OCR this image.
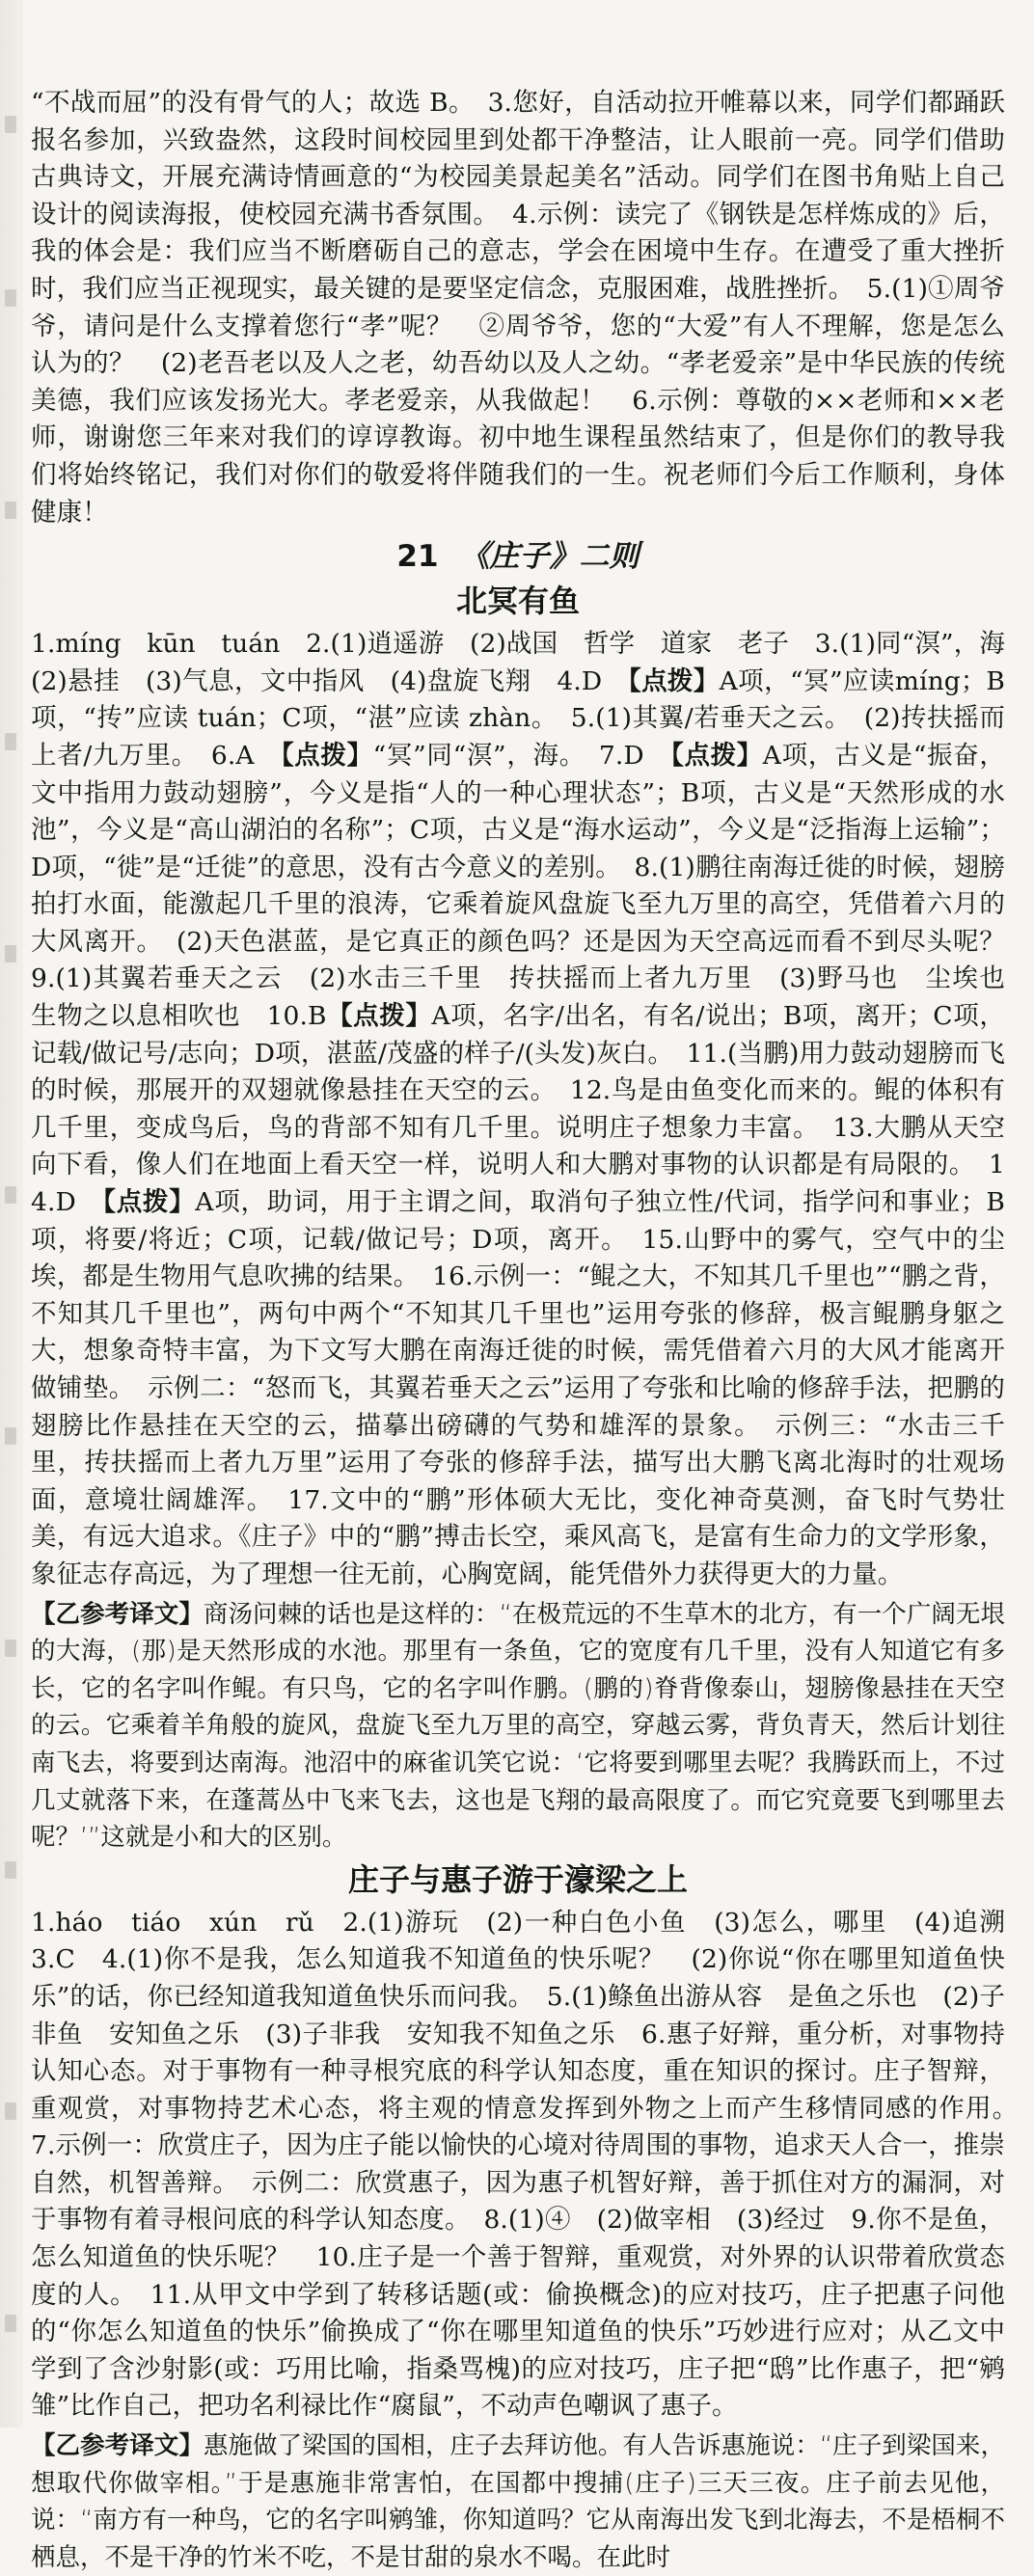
“不战而屈”的没有骨气的人；故选 B。　3.您好，自活动拉开帷幕以来，同学们都踊跃报名参加，兴致盎然，这段时间校园里到处都干净整洁，让人眼前一亮。同学们借助古典诗文，开展充满诗情画意的“为校园美景起美名”活动。同学们在图书角贴上自己设计的阅读海报，使校园充满书香氛围。　4.示例：读完了《钢铁是怎样炼成的》后，我的体会是：我们应当不断磨砺自己的意志，学会在困境中生存。在遭受了重大挫折时，我们应当正视现实，最关键的是要坚定信念，克服困难，战胜挫折。　5.(1)①周爷爷，请问是什么支撑着您行“孝”呢？　②周爷爷，您的“大爱”有人不理解，您是怎么认为的？　(2)老吾老以及人之老，幼吾幼以及人之幼。“孝老爱亲”是中华民族的传统美德，我们应该发扬光大。孝老爱亲，从我做起！　6.示例：尊敬的××老师和××老师，谢谢您三年来对我们的谆谆教诲。初中地生课程虽然结束了，但是你们的教导我们将始终铭记，我们对你们的敬爱将伴随我们的一生。祝老师们今后工作顺利，身体健康！

21 《庄子》二则
北冥有鱼

1.míng　kūn　tuán　2.(1)逍遥游　(2)战国　哲学　道家　老子　3.(1)同“溟”，海　(2)悬挂　(3)气息，文中指风　(4)盘旋飞翔　4.D　【点拨】A项，“冥”应读míng；B项，“抟”应读 tuán；C项，“湛”应读 zhàn。　5.(1)其翼/若垂天之云。　(2)抟扶摇而上者/九万里。　6.A　【点拨】“冥”同“溟”，海。　7.D　【点拨】A项，古义是“振奋，文中指用力鼓动翅膀”，今义是指“人的一种心理状态”；B项，古义是“天然形成的水池”，今义是“高山湖泊的名称”；C项，古义是“海水运动”，今义是“泛指海上运输”；D项，“徙”是“迁徙”的意思，没有古今意义的差别。　8.(1)鹏往南海迁徙的时候，翅膀拍打水面，能激起几千里的浪涛，它乘着旋风盘旋飞至九万里的高空，凭借着六月的大风离开。　(2)天色湛蓝，是它真正的颜色吗？还是因为天空高远而看不到尽头呢？　9.(1)其翼若垂天之云　(2)水击三千里　抟扶摇而上者九万里　(3)野马也　尘埃也　生物之以息相吹也　10.B【点拨】A项，名字/出名，有名/说出；B项，离开；C项，记载/做记号/志向；D项，湛蓝/茂盛的样子/(头发)灰白。　11.(当鹏)用力鼓动翅膀而飞的时候，那展开的双翅就像悬挂在天空的云。　12.鸟是由鱼变化而来的。鲲的体积有几千里，变成鸟后，鸟的背部不知有几千里。说明庄子想象力丰富。　13.大鹏从天空向下看，像人们在地面上看天空一样，说明人和大鹏对事物的认识都是有局限的。　14.D　【点拨】A项，助词，用于主谓之间，取消句子独立性/代词，指学问和事业；B项，将要/将近；C项，记载/做记号；D项，离开。　15.山野中的雾气，空气中的尘埃，都是生物用气息吹拂的结果。　16.示例一：“鲲之大，不知其几千里也”“鹏之背，不知其几千里也”，两句中两个“不知其几千里也”运用夸张的修辞，极言鲲鹏身躯之大，想象奇特丰富，为下文写大鹏在南海迁徙的时候，需凭借着六月的大风才能离开做铺垫。　示例二：“怒而飞，其翼若垂天之云”运用了夸张和比喻的修辞手法，把鹏的翅膀比作悬挂在天空的云，描摹出磅礴的气势和雄浑的景象。　示例三：“水击三千里，抟扶摇而上者九万里”运用了夸张的修辞手法，描写出大鹏飞离北海时的壮观场面，意境壮阔雄浑。　17.文中的“鹏”形体硕大无比，变化神奇莫测，奋飞时气势壮美，有远大追求。《庄子》中的“鹏”搏击长空，乘风高飞，是富有生命力的文学形象，象征志存高远，为了理想一往无前，心胸宽阔，能凭借外力获得更大的力量。

【乙参考译文】商汤问棘的话也是这样的：“在极荒远的不生草木的北方，有一个广阔无垠的大海，(那)是天然形成的水池。那里有一条鱼，它的宽度有几千里，没有人知道它有多长，它的名字叫作鲲。有只鸟，它的名字叫作鹏。(鹏的)脊背像泰山，翅膀像悬挂在天空的云。它乘着羊角般的旋风，盘旋飞至九万里的高空，穿越云雾，背负青天，然后计划往南飞去，将要到达南海。池沼中的麻雀讥笑它说：‘它将要到哪里去呢？我腾跃而上，不过几丈就落下来，在蓬蒿丛中飞来飞去，这也是飞翔的最高限度了。而它究竟要飞到哪里去呢？’”这就是小和大的区别。
庄子与惠子游于濠梁之上

1.háo　tiáo　xún　rǔ　2.(1)游玩　(2)一种白色小鱼　(3)怎么，哪里　(4)追溯　3.C　4.(1)你不是我，怎么知道我不知道鱼的快乐呢？　(2)你说“你在哪里知道鱼快乐”的话，你已经知道我知道鱼快乐而问我。　5.(1)鲦鱼出游从容　是鱼之乐也　(2)子非鱼　安知鱼之乐　(3)子非我　安知我不知鱼之乐　6.惠子好辩，重分析，对事物持认知心态。对于事物有一种寻根究底的科学认知态度，重在知识的探讨。庄子智辩，重观赏，对事物持艺术心态，将主观的情意发挥到外物之上而产生移情同感的作用。　7.示例一：欣赏庄子，因为庄子能以愉快的心境对待周围的事物，追求天人合一，推崇自然，机智善辩。　示例二：欣赏惠子，因为惠子机智好辩，善于抓住对方的漏洞，对于事物有着寻根问底的科学认知态度。　8.(1)④　(2)做宰相　(3)经过　9.你不是鱼，怎么知道鱼的快乐呢？　10.庄子是一个善于智辩，重观赏，对外界的认识带着欣赏态度的人。　11.从甲文中学到了转移话题(或：偷换概念)的应对技巧，庄子把惠子问他的“你怎么知道鱼的快乐”偷换成了“你在哪里知道鱼的快乐”巧妙进行应对；从乙文中学到了含沙射影(或：巧用比喻，指桑骂槐)的应对技巧，庄子把“鸱”比作惠子，把“鹓雏”比作自己，把功名利禄比作“腐鼠”，不动声色嘲讽了惠子。

【乙参考译文】惠施做了梁国的国相，庄子去拜访他。有人告诉惠施说：“庄子到梁国来，想取代你做宰相。”于是惠施非常害怕，在国都中搜捕(庄子)三天三夜。庄子前去见他，说：“南方有一种鸟，它的名字叫鹓雏，你知道吗？它从南海出发飞到北海去，不是梧桐不栖息，不是干净的竹米不吃，不是甘甜的泉水不喝。在此时
